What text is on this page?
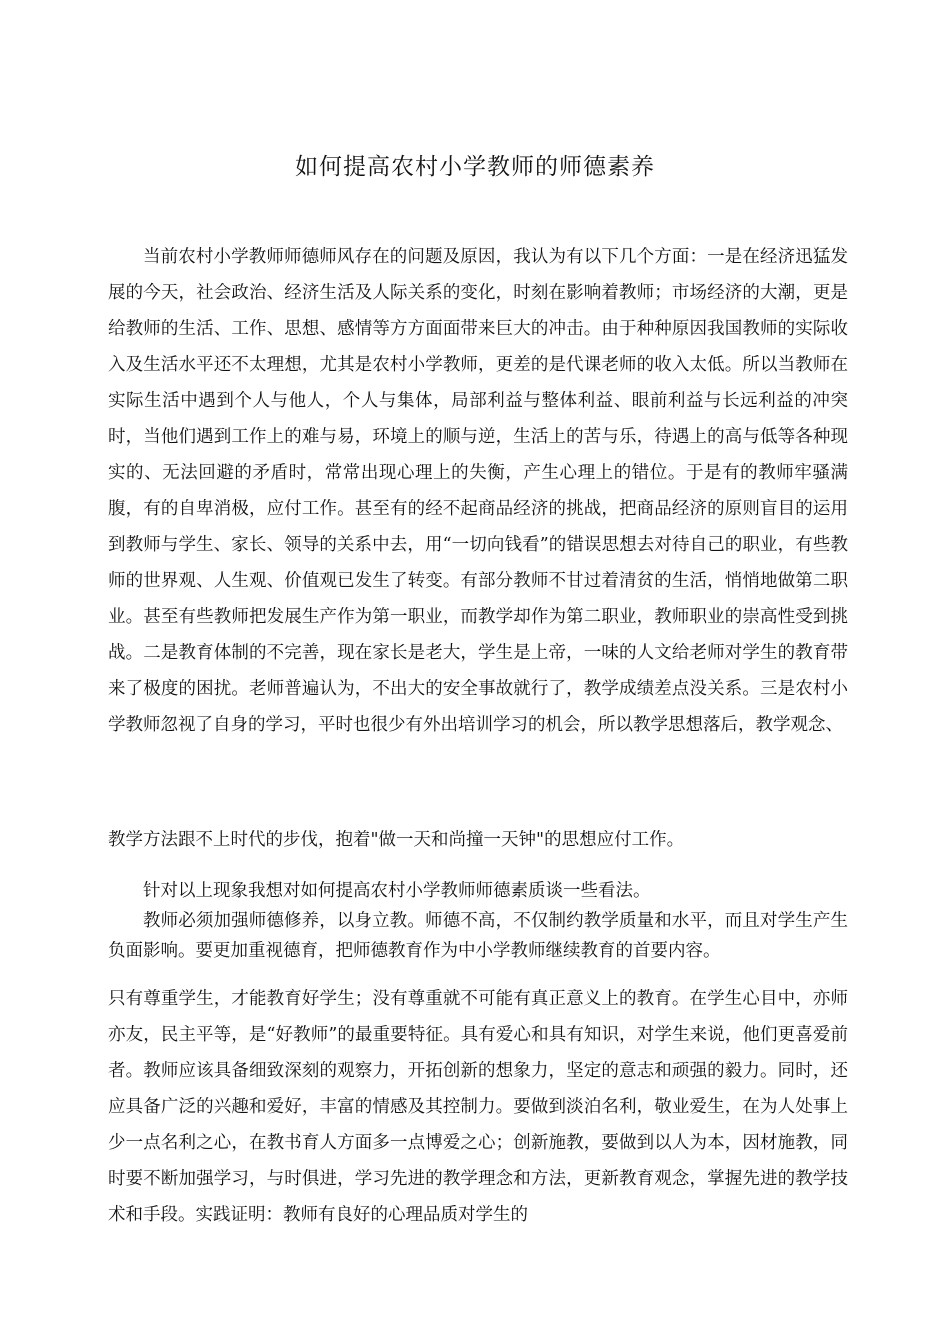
如何提高农村小学教师的师德素养

当前农村小学教师师德师风存在的问题及原因，我认为有以下几个方面：一是在经济迅猛发展的今天，社会政治、经济生活及人际关系的变化，时刻在影响着教师；市场经济的大潮，更是给教师的生活、工作、思想、感情等方方面面带来巨大的冲击。由于种种原因我国教师的实际收入及生活水平还不太理想，尤其是农村小学教师，更差的是代课老师的收入太低。所以当教师在实际生活中遇到个人与他人，个人与集体，局部利益与整体利益、眼前利益与长远利益的冲突时，当他们遇到工作上的难与易，环境上的顺与逆，生活上的苦与乐，待遇上的高与低等各种现实的、无法回避的矛盾时，常常出现心理上的失衡，产生心理上的错位。于是有的教师牢骚满腹，有的自卑消极，应付工作。甚至有的经不起商品经济的挑战，把商品经济的原则盲目的运用到教师与学生、家长、领导的关系中去，用“一切向钱看”的错误思想去对待自己的职业，有些教师的世界观、人生观、价值观已发生了转变。有部分教师不甘过着清贫的生活，悄悄地做第二职业。甚至有些教师把发展生产作为第一职业，而教学却作为第二职业，教师职业的崇高性受到挑战。二是教育体制的不完善，现在家长是老大，学生是上帝，一味的人文给老师对学生的教育带来了极度的困扰。老师普遍认为，不出大的安全事故就行了，教学成绩差点没关系。三是农村小学教师忽视了自身的学习，平时也很少有外出培训学习的机会，所以教学思想落后，教学观念、

教学方法跟不上时代的步伐，抱着"做一天和尚撞一天钟"的思想应付工作。

针对以上现象我想对如何提高农村小学教师师德素质谈一些看法。

教师必须加强师德修养，以身立教。师德不高，不仅制约教学质量和水平，而且对学生产生负面影响。要更加重视德育，把师德教育作为中小学教师继续教育的首要内容。

只有尊重学生，才能教育好学生；没有尊重就不可能有真正意义上的教育。在学生心目中，亦师亦友，民主平等，是“好教师”的最重要特征。具有爱心和具有知识，对学生来说，他们更喜爱前者。教师应该具备细致深刻的观察力，开拓创新的想象力，坚定的意志和顽强的毅力。同时，还应具备广泛的兴趣和爱好，丰富的情感及其控制力。要做到淡泊名利，敬业爱生，在为人处事上少一点名利之心，在教书育人方面多一点博爱之心；创新施教，要做到以人为本，因材施教，同时要不断加强学习，与时俱进，学习先进的教学理念和方法，更新教育观念，掌握先进的教学技术和手段。实践证明：教师有良好的心理品质对学生的
